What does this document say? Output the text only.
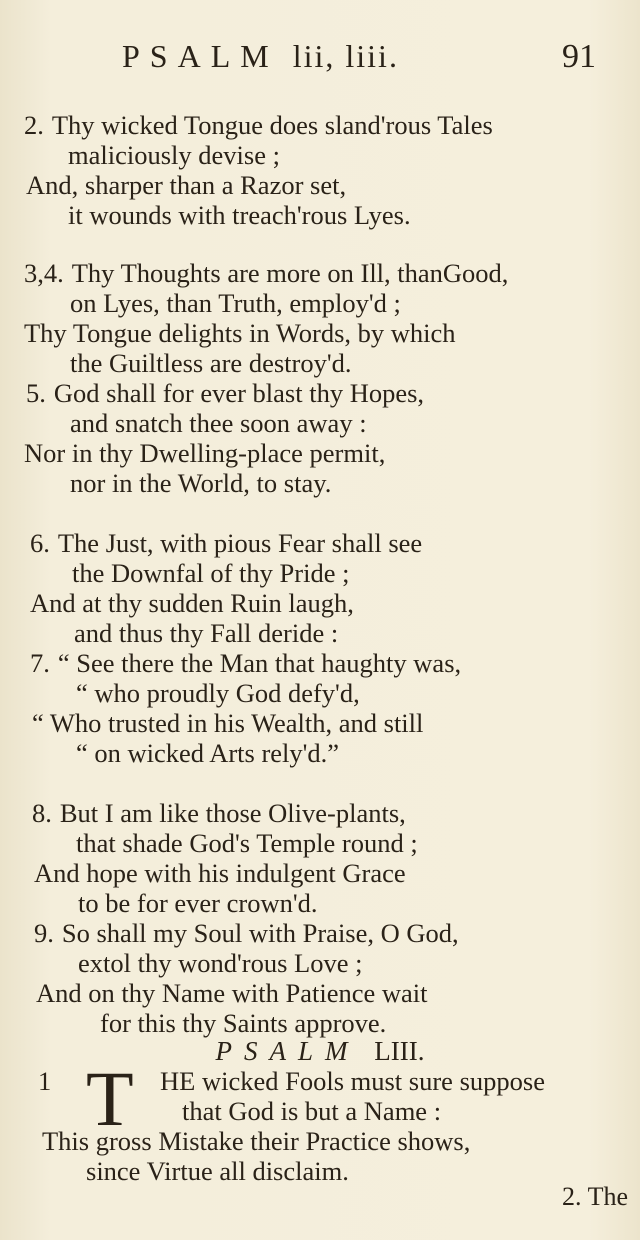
PSALM lii, liii.	91
2. Thy wicked Tongue does sland'rous Tales
maliciously devise ;
And, sharper than a Razor set,
it wounds with treach'rous Lyes.
3,4. Thy Thoughts are more on Ill, thanGood,
on Lyes, than Truth, employ'd ;
Thy Tongue delights in Words, by which
the Guiltless are destroy'd.
5. God shall for ever blast thy Hopes,
and snatch thee soon away :
Nor in thy Dwelling-place permit,
nor in the World, to stay.
6. The Just, with pious Fear shall see
the Downfal of thy Pride ;
And at thy sudden Ruin laugh,
and thus thy Fall deride :
7. “ See there the Man that haughty was,
“ who proudly God defy'd,
“ Who trusted in his Wealth, and still
“ on wicked Arts rely'd.”
8. But I am like those Olive-plants,
that shade God's Temple round ;
And hope with his indulgent Grace
to be for ever crown'd.
9. So shall my Soul with Praise, O God,
extol thy wond'rous Love ;
And on thy Name with Patience wait
for this thy Saints approve.
PSALM LIII.
1	HE wicked Fools must sure suppose
that God is but a Name :
This gross Mistake their Practice shows,
since Virtue all disclaim.
T
2. The
